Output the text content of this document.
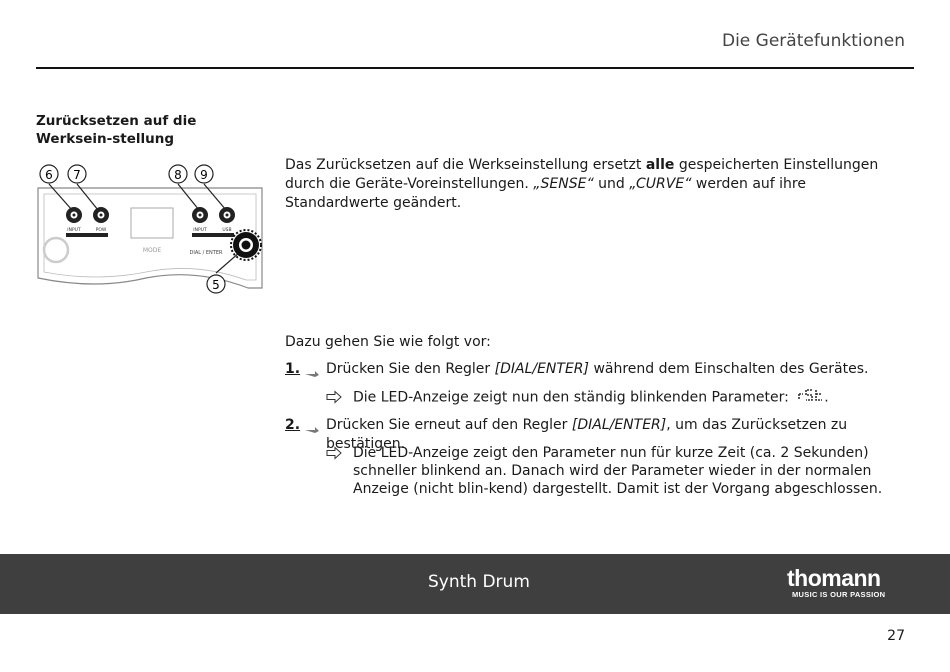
Die Gerätefunktionen
Zurücksetzen auf die Werksein-stellung
6 7	8 9
5
INPUT	POW	INPUT	USB
MODE	DIAL / ENTER
Das Zurücksetzen auf die Werkseinstellung ersetzt alle gespeicherten Einstellungen durch die Geräte-Voreinstellungen. „SENSE“ und „CURVE“ werden auf ihre Standardwerte geändert.
Dazu gehen Sie wie folgt vor:
1. Drücken Sie den Regler [DIAL/ENTER] während dem Einschalten des Gerätes.
Die LED-Anzeige zeigt nun den ständig blinkenden Parameter: .
2. Drücken Sie erneut auf den Regler [DIAL/ENTER], um das Zurücksetzen zu bestätigen.
Die LED-Anzeige zeigt den Parameter nun für kurze Zeit (ca. 2 Sekunden) schneller blinkend an. Danach wird der Parameter wieder in der normalen Anzeige (nicht blin-kend) dargestellt. Damit ist der Vorgang abgeschlossen.
Synth Drum	thomann
MUSIC IS OUR PASSION
27
